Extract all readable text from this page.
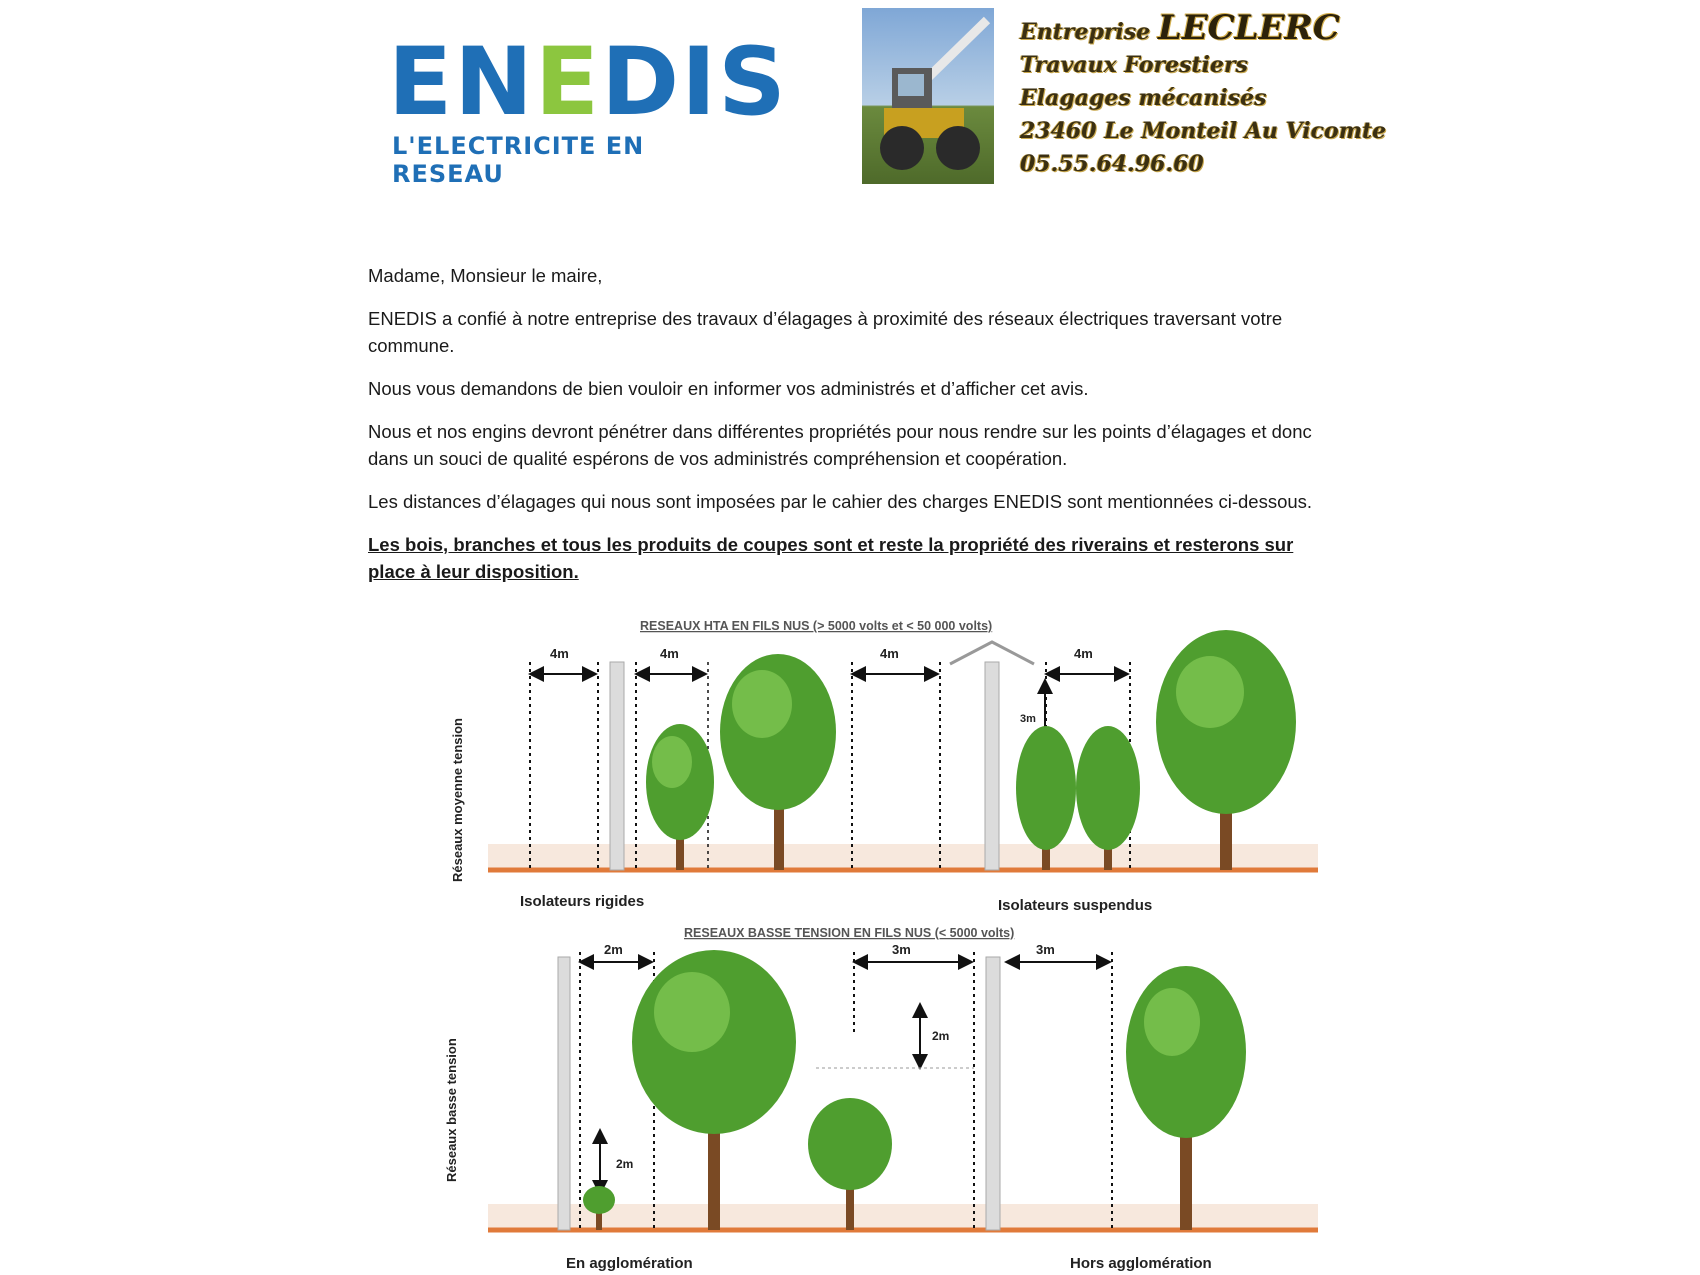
ENEDIS
L'ELECTRICITE EN RESEAU
Entreprise LECLERC
Travaux Forestiers
Elagages mécanisés
23460 Le Monteil Au Vicomte
05.55.64.96.60

Madame, Monsieur le maire,

ENEDIS a confié à notre entreprise des travaux d’élagages à proximité des réseaux électriques traversant votre commune.

Nous vous demandons de bien vouloir en informer vos administrés et d’afficher cet avis.

Nous et nos engins devront pénétrer dans différentes propriétés pour nous rendre sur les points d’élagages et donc dans un souci de qualité espérons de vos administrés compréhension et coopération.

Les distances d’élagages qui nous sont imposées par le cahier des charges ENEDIS sont mentionnées ci-dessous.

Les bois, branches et tous les produits de coupes sont et reste la propriété des riverains et resterons sur place à leur disposition.

RESEAUX HTA EN FILS NUS (> 5000 volts et < 50 000 volts)
Réseaux moyenne tension
4m	4m	4m	4m
3m
Isolateurs rigides	Isolateurs suspendus
RESEAUX BASSE TENSION EN FILS NUS (< 5000 volts)
Réseaux basse tension
2m
2m
3m	3m
2m
En agglomération	Hors agglomération
